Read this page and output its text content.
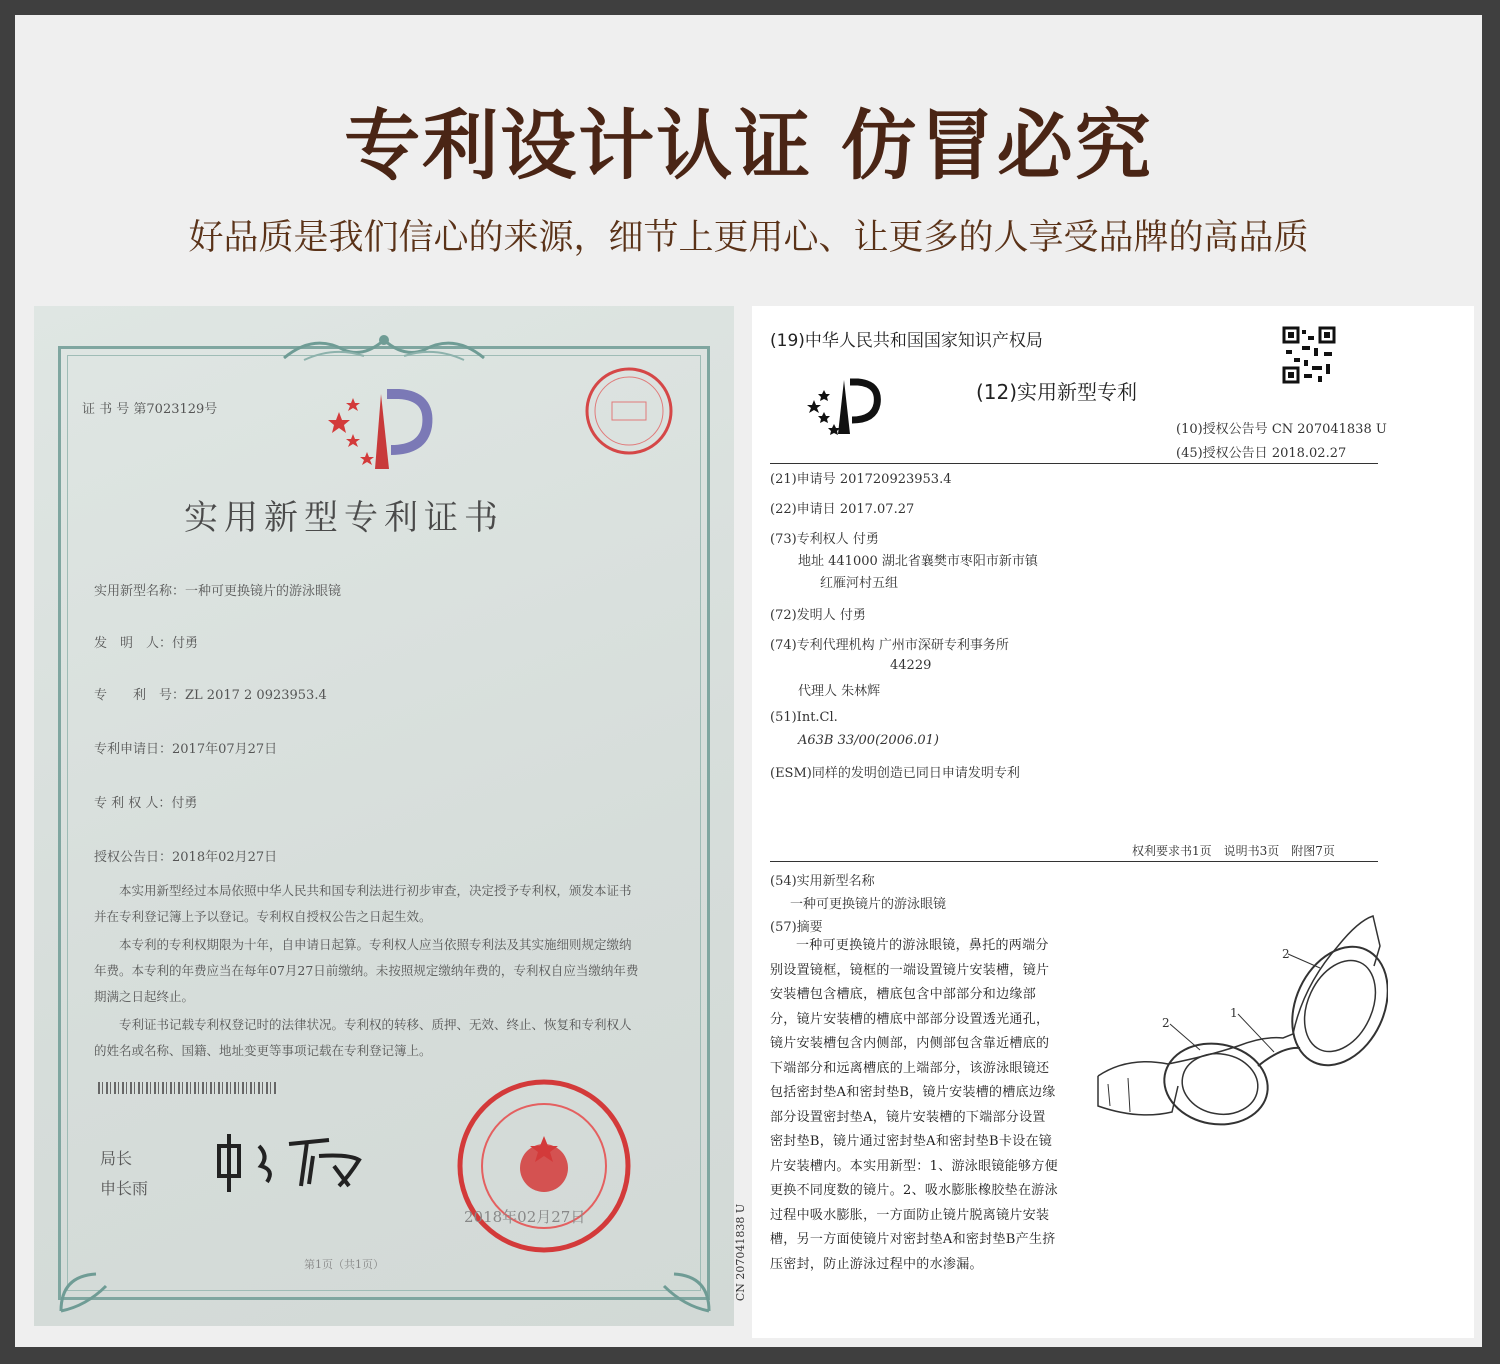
专利设计认证 仿冒必究

好品质是我们信心的来源，细节上更用心、让更多的人享受品牌的高品质

证 书 号 第7023129号
实用新型专利证书
实用新型名称：一种可更换镜片的游泳眼镜
发　明　人：付勇
专　　利　号：ZL 2017 2 0923953.4
专利申请日：2017年07月27日
专 利 权 人：付勇
授权公告日：2018年02月27日
本实用新型经过本局依照中华人民共和国专利法进行初步审查，决定授予专利权，颁发本证书并在专利登记簿上予以登记。专利权自授权公告之日起生效。
本专利的专利权期限为十年，自申请日起算。专利权人应当依照专利法及其实施细则规定缴纳年费。本专利的年费应当在每年07月27日前缴纳。未按照规定缴纳年费的，专利权自应当缴纳年费期满之日起终止。
专利证书记载专利权登记时的法律状况。专利权的转移、质押、无效、终止、恢复和专利权人的姓名或名称、国籍、地址变更等事项记载在专利登记簿上。
局长
申长雨
2018年02月27日
第1页（共1页）
(19)中华人民共和国国家知识产权局
(12)实用新型专利
(10)授权公告号 CN 207041838 U
(45)授权公告日 2018.02.27
(21)申请号 201720923953.4
(22)申请日 2017.07.27
(73)专利权人 付勇
地址 441000 湖北省襄樊市枣阳市新市镇
红雁河村五组
(72)发明人 付勇
(74)专利代理机构 广州市深研专利事务所
44229
代理人 朱林辉
(51)Int.Cl.
A63B 33/00(2006.01)
(ESM)同样的发明创造已同日申请发明专利
权利要求书1页　说明书3页　附图7页
(54)实用新型名称
一种可更换镜片的游泳眼镜
(57)摘要
一种可更换镜片的游泳眼镜，鼻托的两端分别设置镜框，镜框的一端设置镜片安装槽，镜片安装槽包含槽底，槽底包含中部部分和边缘部分，镜片安装槽的槽底中部部分设置透光通孔，镜片安装槽包含内侧部，内侧部包含靠近槽底的下端部分和远离槽底的上端部分，该游泳眼镜还包括密封垫A和密封垫B，镜片安装槽的槽底边缘部分设置密封垫A，镜片安装槽的下端部分设置密封垫B，镜片通过密封垫A和密封垫B卡设在镜片安装槽内。本实用新型：1、游泳眼镜能够方便更换不同度数的镜片。2、吸水膨胀橡胶垫在游泳过程中吸水膨胀，一方面防止镜片脱离镜片安装槽，另一方面使镜片对密封垫A和密封垫B产生挤压密封，防止游泳过程中的水渗漏。
CN 207041838 U
2
2
1
